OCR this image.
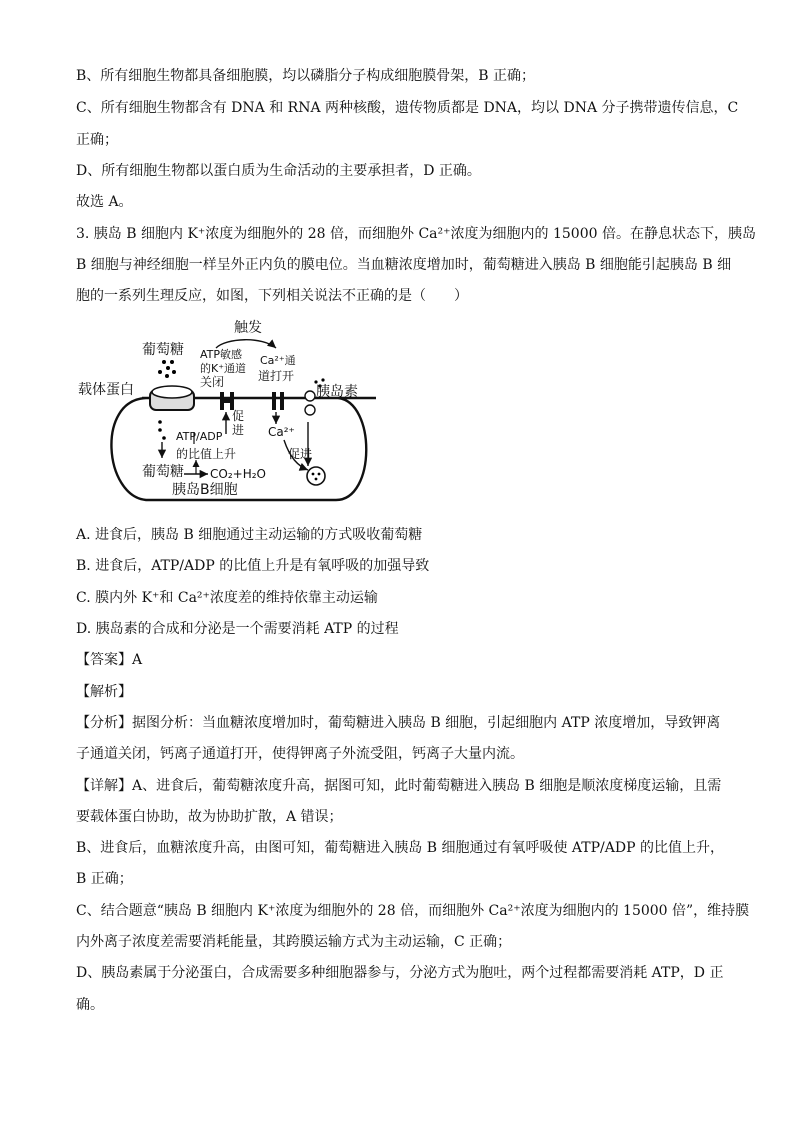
B、所有细胞生物都具备细胞膜，均以磷脂分子构成细胞膜骨架，B 正确；
C、所有细胞生物都含有 DNA 和 RNA 两种核酸，遗传物质都是 DNA，均以 DNA 分子携带遗传信息，C
正确；
D、所有细胞生物都以蛋白质为生命活动的主要承担者，D 正确。
故选 A。
3. 胰岛 B 细胞内 K⁺浓度为细胞外的 28 倍，而细胞外 Ca²⁺浓度为细胞内的 15000 倍。在静息状态下，胰岛
B 细胞与神经细胞一样呈外正内负的膜电位。当血糖浓度增加时，葡萄糖进入胰岛 B 细胞能引起胰岛 B 细
胞的一系列生理反应，如图，下列相关说法不正确的是（　　）
葡萄糖
载体蛋白
ATP敏感
的K⁺通道
关闭
Ca²⁺通
道打开
触发
胰岛素
促
进 Ca²⁺
促进
ATP/ADP
的比值上升
葡萄糖 CO₂+H₂O
胰岛B细胞
A. 进食后，胰岛 B 细胞通过主动运输的方式吸收葡萄糖
B. 进食后，ATP/ADP 的比值上升是有氧呼吸的加强导致
C. 膜内外 K⁺和 Ca²⁺浓度差的维持依靠主动运输
D. 胰岛素的合成和分泌是一个需要消耗 ATP 的过程
【答案】A
【解析】
【分析】据图分析：当血糖浓度增加时，葡萄糖进入胰岛 B 细胞，引起细胞内 ATP 浓度增加，导致钾离
子通道关闭，钙离子通道打开，使得钾离子外流受阻，钙离子大量内流。
【详解】A、进食后，葡萄糖浓度升高，据图可知，此时葡萄糖进入胰岛 B 细胞是顺浓度梯度运输，且需
要载体蛋白协助，故为协助扩散，A 错误；
B、进食后，血糖浓度升高，由图可知，葡萄糖进入胰岛 B 细胞通过有氧呼吸使 ATP/ADP 的比值上升，
B 正确；
C、结合题意“胰岛 B 细胞内 K⁺浓度为细胞外的 28 倍，而细胞外 Ca²⁺浓度为细胞内的 15000 倍”，维持膜
内外离子浓度差需要消耗能量，其跨膜运输方式为主动运输，C 正确；
D、胰岛素属于分泌蛋白，合成需要多种细胞器参与，分泌方式为胞吐，两个过程都需要消耗 ATP，D 正
确。
